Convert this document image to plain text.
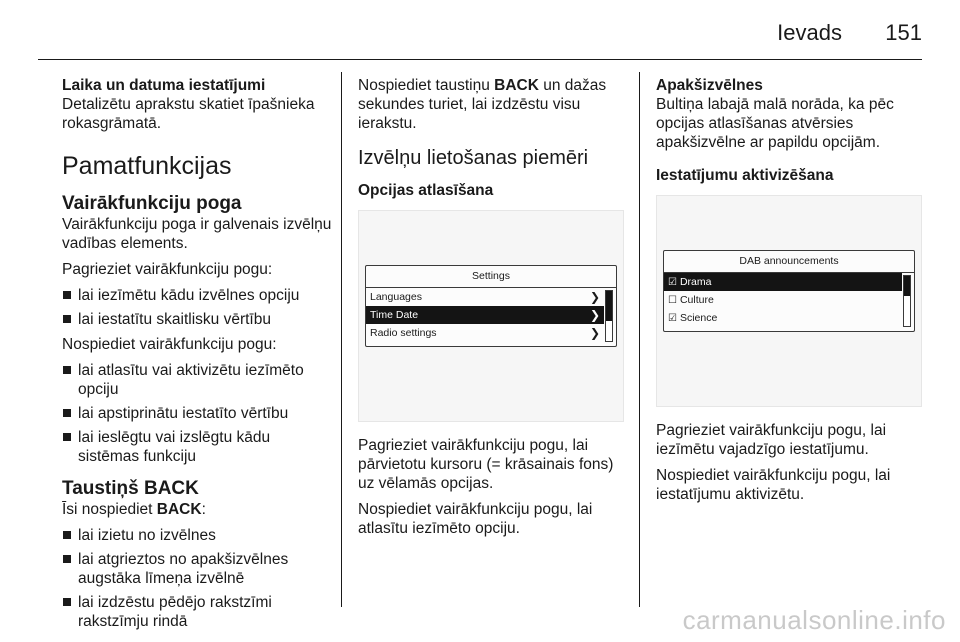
Ievads 151

Laika un datuma iestatījumi

Detalizētu aprakstu skatiet īpašnieka rokasgrāmatā.

Pamatfunkcijas
Vairākfunkciju poga

Vairākfunkciju poga ir galvenais izvēlņu vadības elements.

Pagrieziet vairākfunkciju pogu:

lai iezīmētu kādu izvēlnes opciju
lai iestatītu skaitlisku vērtību

Nospiediet vairākfunkciju pogu:

lai atlasītu vai aktivizētu iezīmēto opciju
lai apstiprinātu iestatīto vērtību
lai ieslēgtu vai izslēgtu kādu sistēmas funkciju
Taustiņš BACK

Īsi nospiediet BACK:

lai izietu no izvēlnes
lai atgrieztos no apakšizvēlnes augstāka līmeņa izvēlnē
lai izdzēstu pēdējo rakstzīmi rakstzīmju rindā

Nospiediet taustiņu BACK un dažas sekundes turiet, lai izdzēstu visu ierakstu.

Izvēlņu lietošanas piemēri

Opcijas atlasīšana

Settings
Languages	❯
Time Date	❯
Radio settings	❯

Pagrieziet vairākfunkciju pogu, lai pārvietotu kursoru (= krāsainais fons) uz vēlamās opcijas.

Nospiediet vairākfunkciju pogu, lai atlasītu iezīmēto opciju.

Apakšizvēlnes

Bultiņa labajā malā norāda, ka pēc opcijas atlasīšanas atvērsies apakšizvēlne ar papildu opcijām.

Iestatījumu aktivizēšana

DAB announcements
☑ Drama
☐ Culture
☑ Science

Pagrieziet vairākfunkciju pogu, lai iezīmētu vajadzīgo iestatījumu.

Nospiediet vairākfunkciju pogu, lai iestatījumu aktivizētu.

carmanualsonline.info
